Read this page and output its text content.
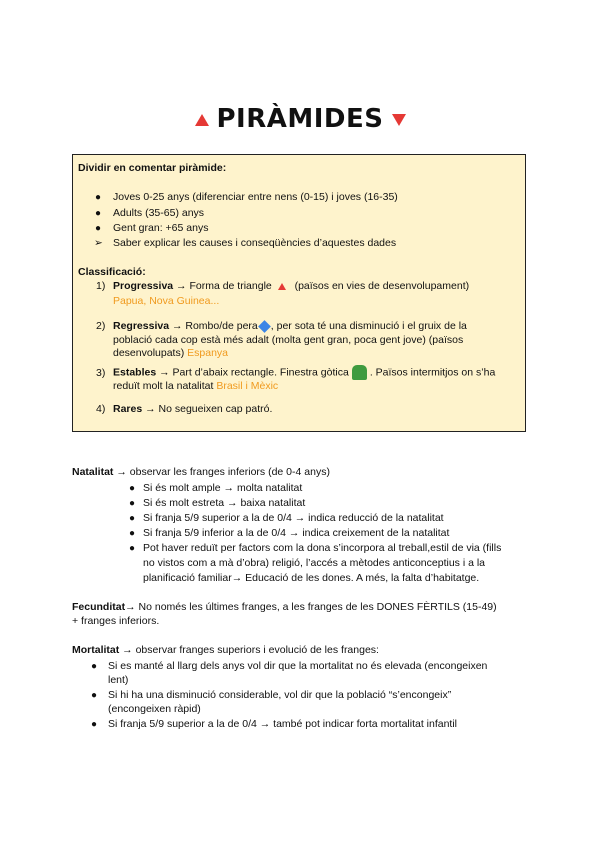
PIRÀMIDES
Dividir en comentar piràmide:
● Joves 0-25 anys (diferenciar entre nens (0-15) i joves (16-35)
● Adults (35-65) anys
● Gent gran: +65 anys
➢ Saber explicar les causes i conseqüències d’aquestes dades
Classificació:
1) Progressiva → Forma de triangle  (països en vies de desenvolupament)
Papua, Nova Guinea...
2) Regressiva → Rombo/de pera , per sota té una disminució i el gruix de la
població cada cop està més adalt (molta gent gran, poca gent jove) (països
desenvolupats) Espanya
3) Estables → Part d’abaix rectangle. Finestra gòtica . Països intermitjos on s’ha
reduït molt la natalitat Brasil i Mèxic
4) Rares → No segueixen cap patró.
Natalitat → observar les franges inferiors (de 0-4 anys)
● Si és molt ample → molta natalitat
● Si és molt estreta → baixa natalitat
● Si franja 5/9 superior a la de 0/4 → indica reducció de la natalitat
● Si franja 5/9 inferior a la de 0/4 → indica creixement de la natalitat
● Pot haver reduït per factors com la dona s’incorpora al treball,estil de via (fills
no vistos com a mà d’obra) religió, l’accés a mètodes anticonceptius i a la
planificació familiar→ Educació de les dones. A més, la falta d’habitatge.
Fecunditat→ No només les últimes franges, a les franges de les DONES FÈRTILS (15-49)
+ franges inferiors.
Mortalitat → observar franges superiors i evolució de les franges:
● Si es manté al llarg dels anys vol dir que la mortalitat no és elevada (encongeixen
lent)
● Si hi ha una disminució considerable, vol dir que la població “s’encongeix”
(encongeixen ràpid)
● Si franja 5/9 superior a la de 0/4 → també pot indicar forta mortalitat infantil
